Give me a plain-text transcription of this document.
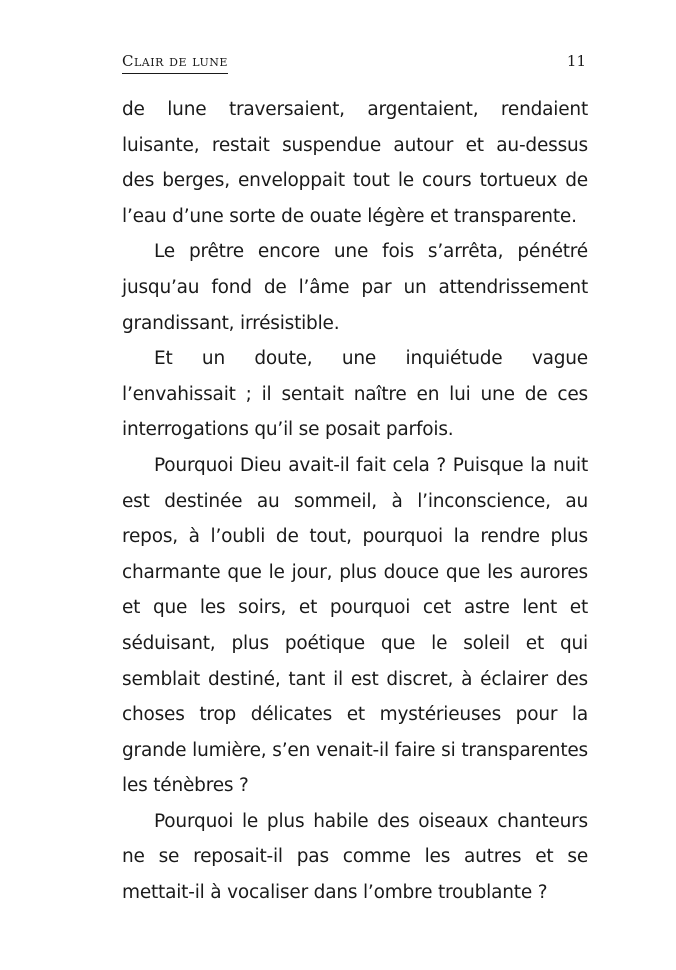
Clair de lune	11

de lune traversaient, argentaient, rendaient luisante, restait suspendue autour et au-dessus des berges, enveloppait tout le cours tortueux de l’eau d’une sorte de ouate légère et transparente.

Le prêtre encore une fois s’arrêta, pénétré jusqu’au fond de l’âme par un attendrissement grandissant, irrésistible.

Et un doute, une inquiétude vague l’envahissait ; il sentait naître en lui une de ces interrogations qu’il se posait parfois.

Pourquoi Dieu avait-il fait cela ? Puisque la nuit est destinée au sommeil, à l’inconscience, au repos, à l’oubli de tout, pourquoi la rendre plus charmante que le jour, plus douce que les aurores et que les soirs, et pourquoi cet astre lent et séduisant, plus poétique que le soleil et qui semblait destiné, tant il est discret, à éclairer des choses trop délicates et mystérieuses pour la grande lumière, s’en venait-il faire si transparentes les ténèbres ?

Pourquoi le plus habile des oiseaux chanteurs ne se reposait-il pas comme les autres et se mettait-il à vocaliser dans l’ombre troublante ?
